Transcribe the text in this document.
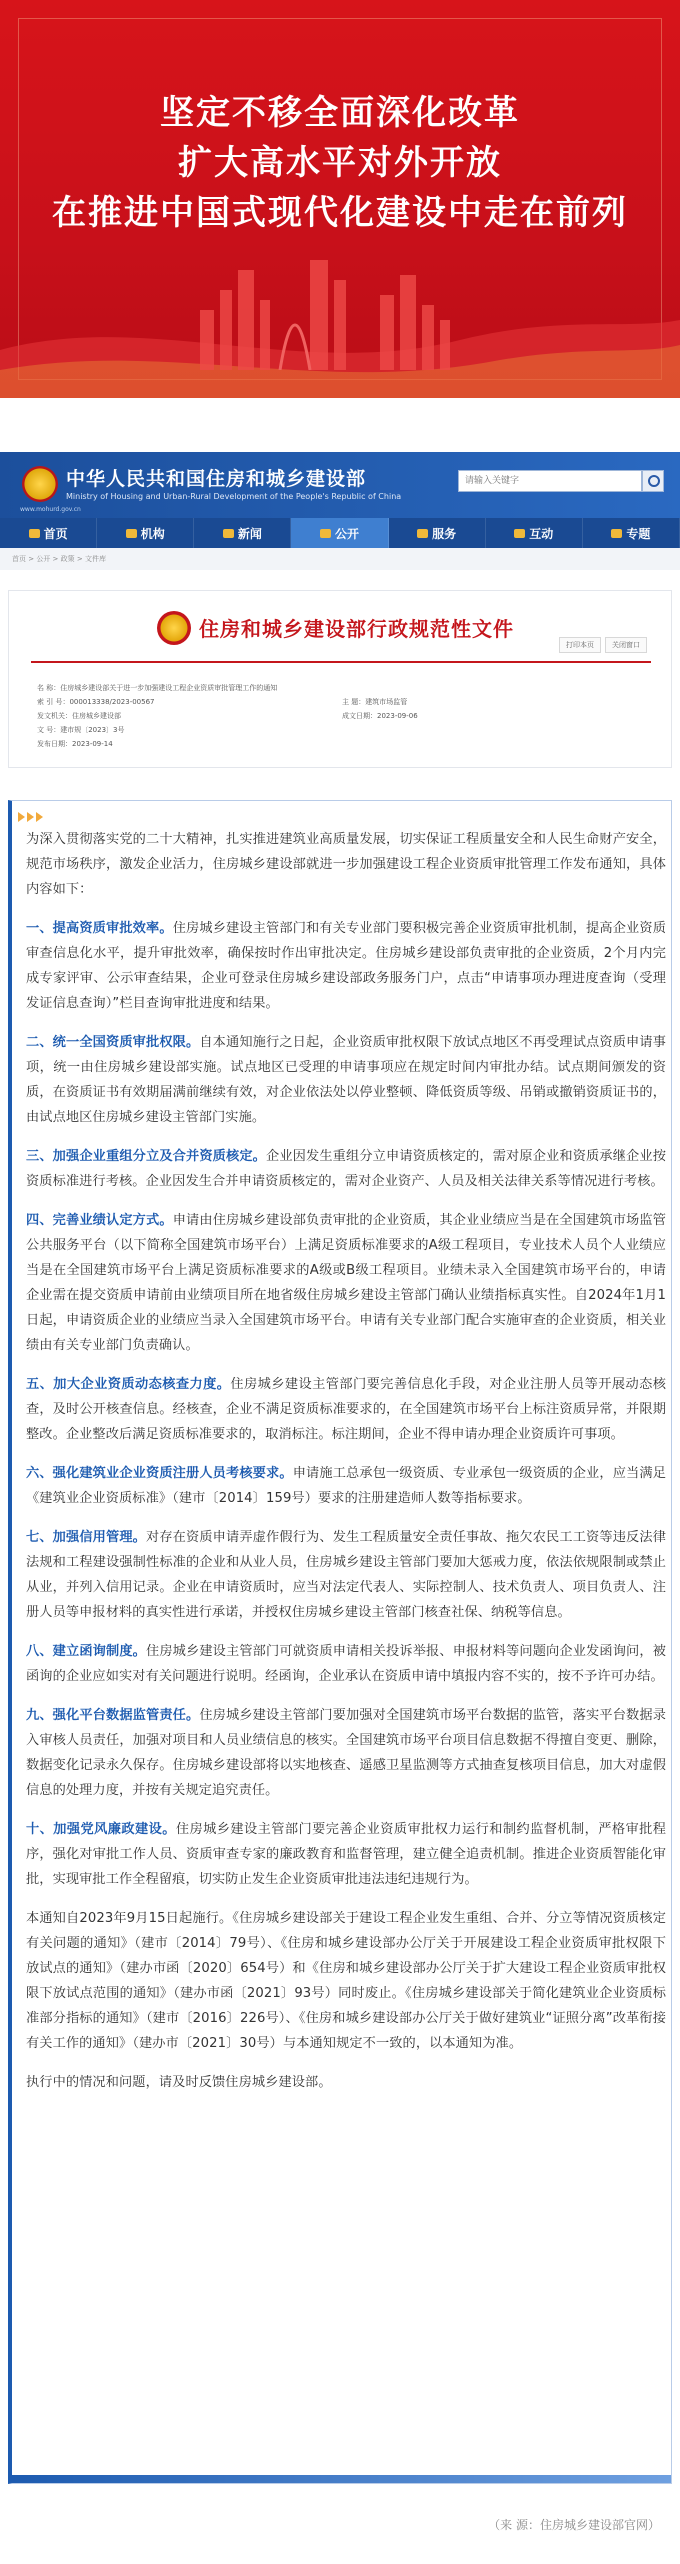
坚定不移全面深化改革
扩大高水平对外开放
在推进中国式现代化建设中走在前列
中华人民共和国住房和城乡建设部
Ministry of Housing and Urban-Rural Development of the People's Republic of China
www.mohurd.gov.cn
请输入关键字
首页	机构	新闻	公开	服务	互动	专题
首页 > 公开 > 政策 > 文件库
住房和城乡建设部行政规范性文件
打印本页	关闭窗口
名 称：住房城乡建设部关于进一步加强建设工程企业资质审批管理工作的通知
索 引 号：000013338/2023-00567	主 题：建筑市场监管
发文机关：住房城乡建设部	成文日期：2023-09-06
文 号：建市规〔2023〕3号
发布日期：2023-09-14

为深入贯彻落实党的二十大精神，扎实推进建筑业高质量发展，切实保证工程质量安全和人民生命财产安全，规范市场秩序，激发企业活力，住房城乡建设部就进一步加强建设工程企业资质审批管理工作发布通知，具体内容如下：

一、提高资质审批效率。住房城乡建设主管部门和有关专业部门要积极完善企业资质审批机制，提高企业资质审查信息化水平，提升审批效率，确保按时作出审批决定。住房城乡建设部负责审批的企业资质，2个月内完成专家评审、公示审查结果，企业可登录住房城乡建设部政务服务门户，点击“申请事项办理进度查询（受理发证信息查询）”栏目查询审批进度和结果。

二、统一全国资质审批权限。自本通知施行之日起，企业资质审批权限下放试点地区不再受理试点资质申请事项，统一由住房城乡建设部实施。试点地区已受理的申请事项应在规定时间内审批办结。试点期间颁发的资质，在资质证书有效期届满前继续有效，对企业依法处以停业整顿、降低资质等级、吊销或撤销资质证书的，由试点地区住房城乡建设主管部门实施。

三、加强企业重组分立及合并资质核定。企业因发生重组分立申请资质核定的，需对原企业和资质承继企业按资质标准进行考核。企业因发生合并申请资质核定的，需对企业资产、人员及相关法律关系等情况进行考核。

四、完善业绩认定方式。申请由住房城乡建设部负责审批的企业资质，其企业业绩应当是在全国建筑市场监管公共服务平台（以下简称全国建筑市场平台）上满足资质标准要求的A级工程项目，专业技术人员个人业绩应当是在全国建筑市场平台上满足资质标准要求的A级或B级工程项目。业绩未录入全国建筑市场平台的，申请企业需在提交资质申请前由业绩项目所在地省级住房城乡建设主管部门确认业绩指标真实性。自2024年1月1日起，申请资质企业的业绩应当录入全国建筑市场平台。申请有关专业部门配合实施审查的企业资质，相关业绩由有关专业部门负责确认。

五、加大企业资质动态核查力度。住房城乡建设主管部门要完善信息化手段，对企业注册人员等开展动态核查，及时公开核查信息。经核查，企业不满足资质标准要求的，在全国建筑市场平台上标注资质异常，并限期整改。企业整改后满足资质标准要求的，取消标注。标注期间，企业不得申请办理企业资质许可事项。

六、强化建筑业企业资质注册人员考核要求。申请施工总承包一级资质、专业承包一级资质的企业，应当满足《建筑业企业资质标准》（建市〔2014〕159号）要求的注册建造师人数等指标要求。

七、加强信用管理。对存在资质申请弄虚作假行为、发生工程质量安全责任事故、拖欠农民工工资等违反法律法规和工程建设强制性标准的企业和从业人员，住房城乡建设主管部门要加大惩戒力度，依法依规限制或禁止从业，并列入信用记录。企业在申请资质时，应当对法定代表人、实际控制人、技术负责人、项目负责人、注册人员等申报材料的真实性进行承诺，并授权住房城乡建设主管部门核查社保、纳税等信息。

八、建立函询制度。住房城乡建设主管部门可就资质申请相关投诉举报、申报材料等问题向企业发函询问，被函询的企业应如实对有关问题进行说明。经函询，企业承认在资质申请中填报内容不实的，按不予许可办结。

九、强化平台数据监管责任。住房城乡建设主管部门要加强对全国建筑市场平台数据的监管，落实平台数据录入审核人员责任，加强对项目和人员业绩信息的核实。全国建筑市场平台项目信息数据不得擅自变更、删除，数据变化记录永久保存。住房城乡建设部将以实地核查、遥感卫星监测等方式抽查复核项目信息，加大对虚假信息的处理力度，并按有关规定追究责任。

十、加强党风廉政建设。住房城乡建设主管部门要完善企业资质审批权力运行和制约监督机制，严格审批程序，强化对审批工作人员、资质审查专家的廉政教育和监督管理，建立健全追责机制。推进企业资质智能化审批，实现审批工作全程留痕，切实防止发生企业资质审批违法违纪违规行为。

本通知自2023年9月15日起施行。《住房城乡建设部关于建设工程企业发生重组、合并、分立等情况资质核定有关问题的通知》（建市〔2014〕79号）、《住房和城乡建设部办公厅关于开展建设工程企业资质审批权限下放试点的通知》（建办市函〔2020〕654号）和《住房和城乡建设部办公厅关于扩大建设工程企业资质审批权限下放试点范围的通知》（建办市函〔2021〕93号）同时废止。《住房城乡建设部关于简化建筑业企业资质标准部分指标的通知》（建市〔2016〕226号）、《住房和城乡建设部办公厅关于做好建筑业“证照分离”改革衔接有关工作的通知》（建办市〔2021〕30号）与本通知规定不一致的，以本通知为准。

执行中的情况和问题，请及时反馈住房城乡建设部。

（来 源：住房城乡建设部官网）
